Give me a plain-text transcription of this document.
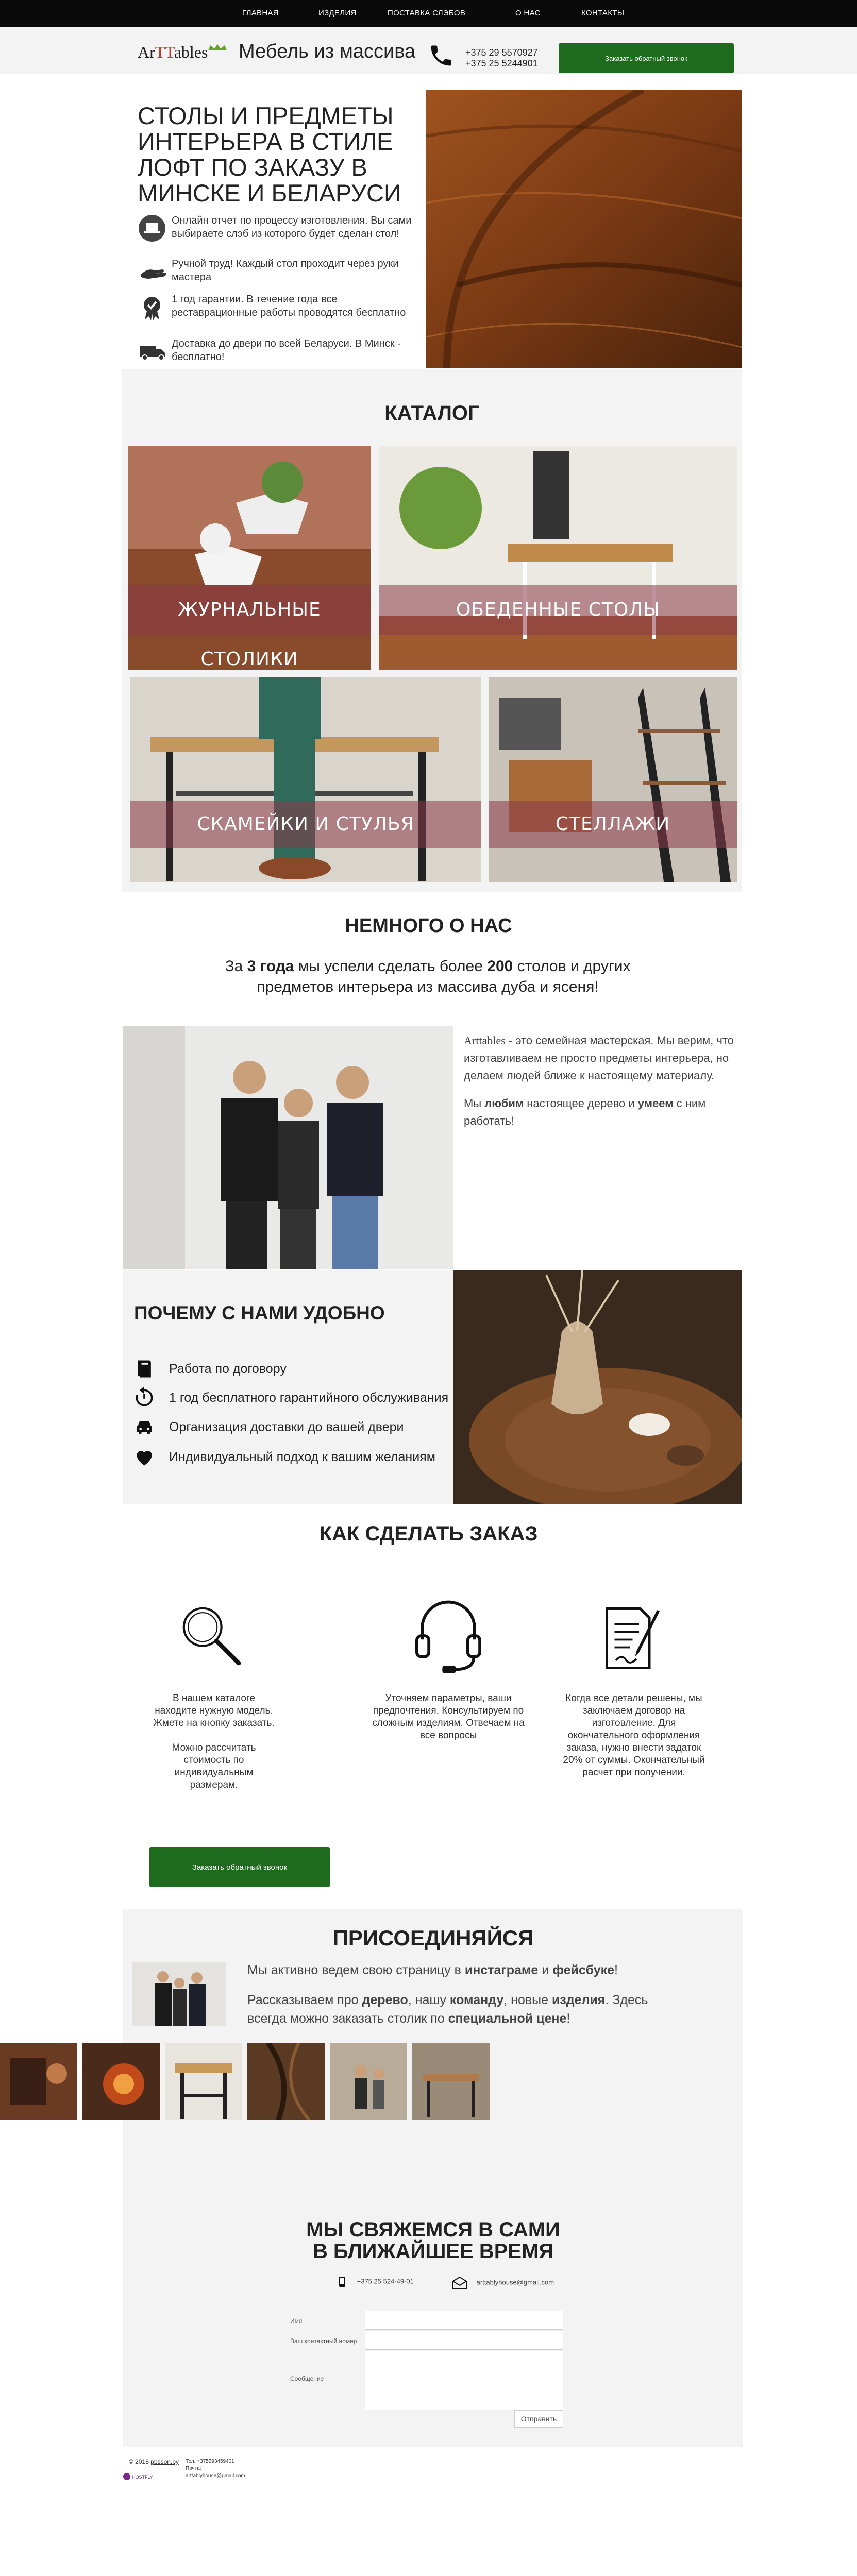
ГЛАВНАЯ	ИЗДЕЛИЯ	ПОСТАВКА СЛЭБОВ	О НАС	КОНТАКТЫ
ArTTables Мебель из массива	+375 29 5570927
+375 25 5244901	Заказать обратный звонок
СТОЛЫ И ПРЕДМЕТЫ ИНТЕРЬЕРА В СТИЛЕ ЛОФТ ПО ЗАКАЗУ В МИНСКЕ И БЕЛАРУСИ
Онлайн отчет по процессу изготовления. Вы сами выбираете слэб из которого будет сделан стол!
Ручной труд! Каждый стол проходит через руки мастера
1 год гарантии. В течение года все реставрационные работы проводятся бесплатно
Доставка до двери по всей Беларуси. В Минск - бесплатно!
КАТАЛОГ
ЖУРНАЛЬНЫЕ СТОЛИКИ
ОБЕДЕННЫЕ СТОЛЫ
СКАМЕЙКИ И СТУЛЬЯ	СТЕЛЛАЖИ
НЕМНОГО О НАС
За 3 года мы успели сделать более 200 столов и других предметов интерьера из массива дуба и ясеня!

Arttables - это семейная мастерская. Мы верим, что изготавливаем не просто предметы интерьера, но делаем людей ближе к настоящему материалу.

Мы любим настоящее дерево и умеем с ним работать!

ПОЧЕМУ С НАМИ УДОБНО
Работа по договору
1 год бесплатного гарантийного обслуживания
Организация доставки до вашей двери
Индивидуальный подход к вашим желаниям
КАК СДЕЛАТЬ ЗАКАЗ
В нашем каталоге находите нужную модель. Жмете на кнопку заказать.
Можно рассчитать стоимость по индивидуальным размерам.
Уточняем параметры, ваши предпочтения. Консультируем по сложным изделиям. Отвечаем на все вопросы
Когда все детали решены, мы заключаем договор на изготовление. Для окончательного оформления заказа, нужно внести задаток 20% от суммы. Окончательный расчет при получении.
Заказать обратный звонок
ПРИСОЕДИНЯЙСЯ

Мы активно ведем свою страницу в инстаграме и фейсбуке!

Рассказываем про дерево, нашу команду, новые изделия. Здесь всегда можно заказать столик по специальной цене!

МЫ СВЯЖЕМСЯ В САМИ
В БЛИЖАЙШЕЕ ВРЕМЯ
+375 25 524-49-01	arttablyhouse@gmail.com
Имя
Ваш контактный номер
Сообщение
Отправить
© 2018 pbsson.by
HOSTFLY
Тел. +375293459401 Почта: arttablyhouse@gmail.com
